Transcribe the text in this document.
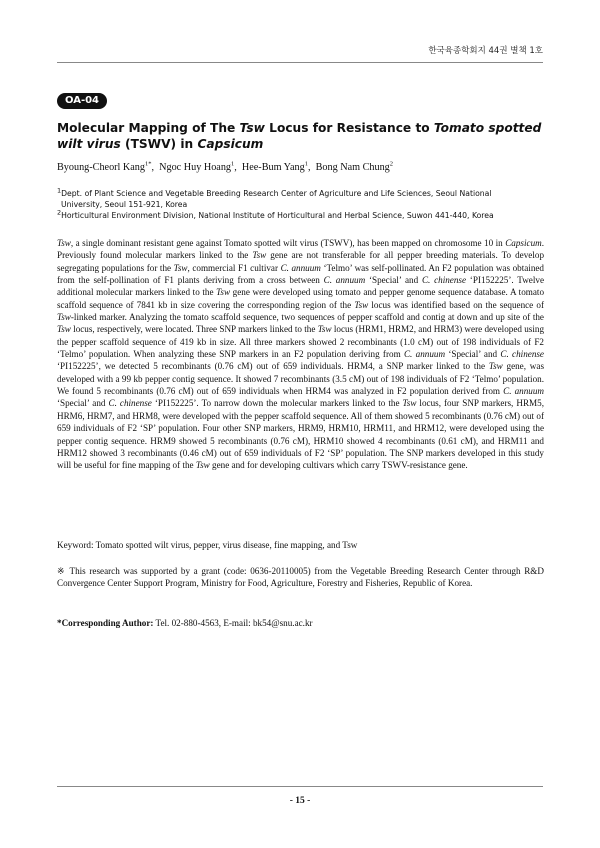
한국육종학회지 44권 별책 1호
OA-04
Molecular Mapping of The Tsw Locus for Resistance to Tomato spotted wilt virus (TSWV) in Capsicum
Byoung-Cheorl Kang$^{1*}$,  Ngoc Huy Hoang$^1$,  Hee-Bum Yang$^1$,  Bong Nam Chung$^2$
$^1$Dept. of Plant Science and Vegetable Breeding Research Center of Agriculture and Life Sciences, Seoul National
University, Seoul 151-921, Korea
$^2$Horticultural Environment Division, National Institute of Horticultural and Herbal Science, Suwon 441-440, Korea

Tsw, a single dominant resistant gene against Tomato spotted wilt virus (TSWV), has been mapped on chromosome 10 in Capsicum. Previously found molecular markers linked to the Tsw gene are not transferable for all pepper breeding materials. To develop segregating populations for the Tsw, commercial F1 cultivar C. annuum ‘Telmo’ was self-pollinated. An F2 population was obtained from the self-pollination of F1 plants deriving from a cross between C. annuum ‘Special’ and C. chinense ‘PI152225’. Twelve additional molecular markers linked to the Tsw gene were developed using tomato and pepper genome sequence database. A tomato scaffold sequence of 7841 kb in size covering the corresponding region of the Tsw locus was identified based on the sequence of Tsw-linked marker. Analyzing the tomato scaffold sequence, two sequences of pepper scaffold and contig at down and up site of the Tsw locus, respectively, were located. Three SNP markers linked to the Tsw locus (HRM1, HRM2, and HRM3) were developed using the pepper scaffold sequence of 419 kb in size. All three markers showed 2 recombinants (1.0 cM) out of 198 individuals of F2 ‘Telmo’ population. When analyzing these SNP markers in an F2 population deriving from C. annuum ‘Special’ and C. chinense ‘PI152225’, we detected 5 recombinants (0.76 cM) out of 659 individuals. HRM4, a SNP marker linked to the Tsw gene, was developed with a 99 kb pepper contig sequence. It showed 7 recombinants (3.5 cM) out of 198 individuals of F2 ‘Telmo’ population. We found 5 recombinants (0.76 cM) out of 659 individuals when HRM4 was analyzed in F2 population derived from C. annuum ‘Special’ and C. chinense ‘PI152225’. To narrow down the molecular markers linked to the Tsw locus, four SNP markers, HRM5, HRM6, HRM7, and HRM8, were developed with the pepper scaffold sequence. All of them showed 5 recombinants (0.76 cM) out of 659 individuals of F2 ‘SP’ population. Four other SNP markers, HRM9, HRM10, HRM11, and HRM12, were developed using the pepper contig sequence. HRM9 showed 5 recombinants (0.76 cM), HRM10 showed 4 recombinants (0.61 cM), and HRM11 and HRM12 showed 3 recombinants (0.46 cM) out of 659 individuals of F2 ‘SP’ population. The SNP markers developed in this study will be useful for fine mapping of the Tsw gene and for developing cultivars which carry TSWV-resistance gene.

Keyword: Tomato spotted wilt virus, pepper, virus disease, fine mapping, and Tsw
※ This research was supported by a grant (code: 0636-20110005) from the Vegetable Breeding Research Center through R&D Convergence Center Support Program, Ministry for Food, Agriculture, Forestry and Fisheries, Republic of Korea.
*Corresponding Author: Tel. 02-880-4563, E-mail: bk54@snu.ac.kr
- 15 -
